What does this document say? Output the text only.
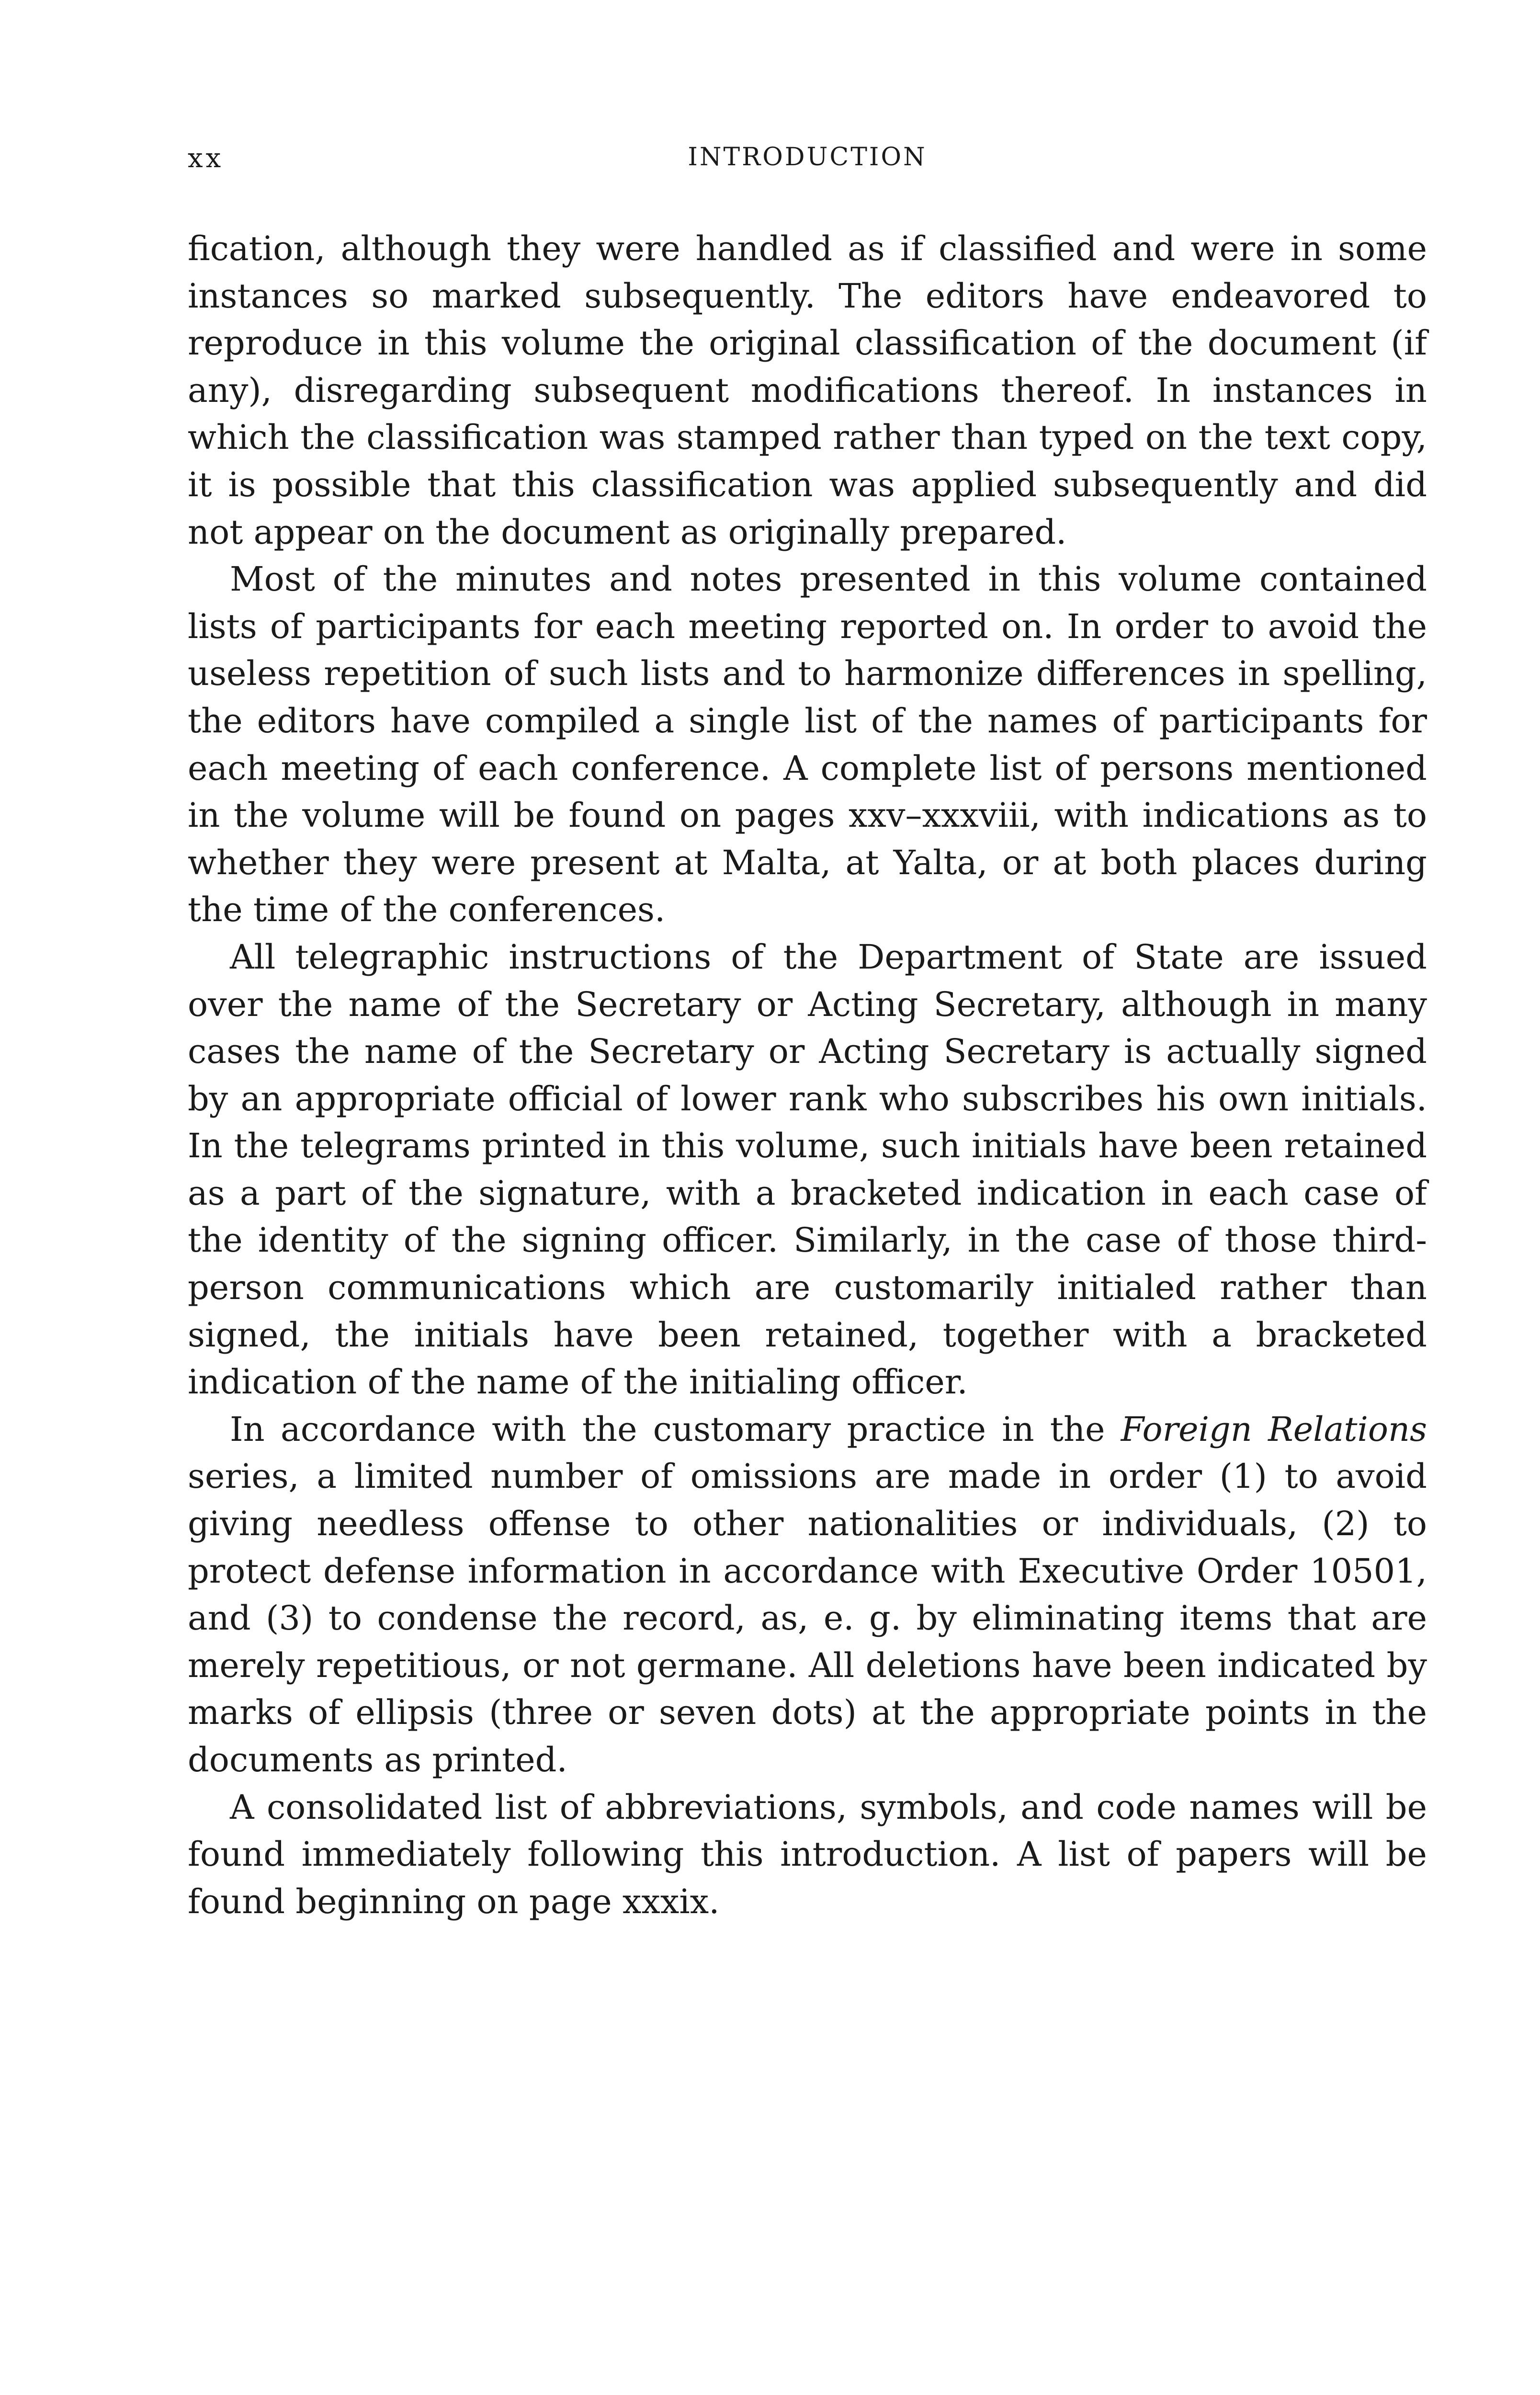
xx	INTRODUCTION

fication, although they were handled as if classified and were in some instances so marked subsequently. The editors have endeavored to reproduce in this volume the original classification of the document (if any), disregarding subsequent modifications thereof. In instances in which the classification was stamped rather than typed on the text copy, it is possible that this classification was applied subsequently and did not appear on the document as originally prepared.

Most of the minutes and notes presented in this volume contained lists of participants for each meeting reported on. In order to avoid the useless repetition of such lists and to harmonize differences in spelling, the editors have compiled a single list of the names of participants for each meeting of each conference. A complete list of persons mentioned in the volume will be found on pages xxv–xxxviii, with indications as to whether they were present at Malta, at Yalta, or at both places during the time of the conferences.

All telegraphic instructions of the Department of State are issued over the name of the Secretary or Acting Secretary, although in many cases the name of the Secretary or Acting Secretary is actually signed by an appropriate official of lower rank who subscribes his own initials. In the telegrams printed in this volume, such initials have been retained as a part of the signature, with a bracketed indication in each case of the identity of the signing officer. Similarly, in the case of those third-person communications which are customarily initialed rather than signed, the initials have been retained, together with a bracketed indication of the name of the initialing officer.

In accordance with the customary practice in the Foreign Relations series, a limited number of omissions are made in order (1) to avoid giving needless offense to other nationalities or individuals, (2) to protect defense information in accordance with Executive Order 10501, and (3) to condense the record, as, e. g. by eliminating items that are merely repetitious, or not germane. All deletions have been indicated by marks of ellipsis (three or seven dots) at the appropriate points in the documents as printed.

A consolidated list of abbreviations, symbols, and code names will be found immediately following this introduction. A list of papers will be found beginning on page xxxix.
